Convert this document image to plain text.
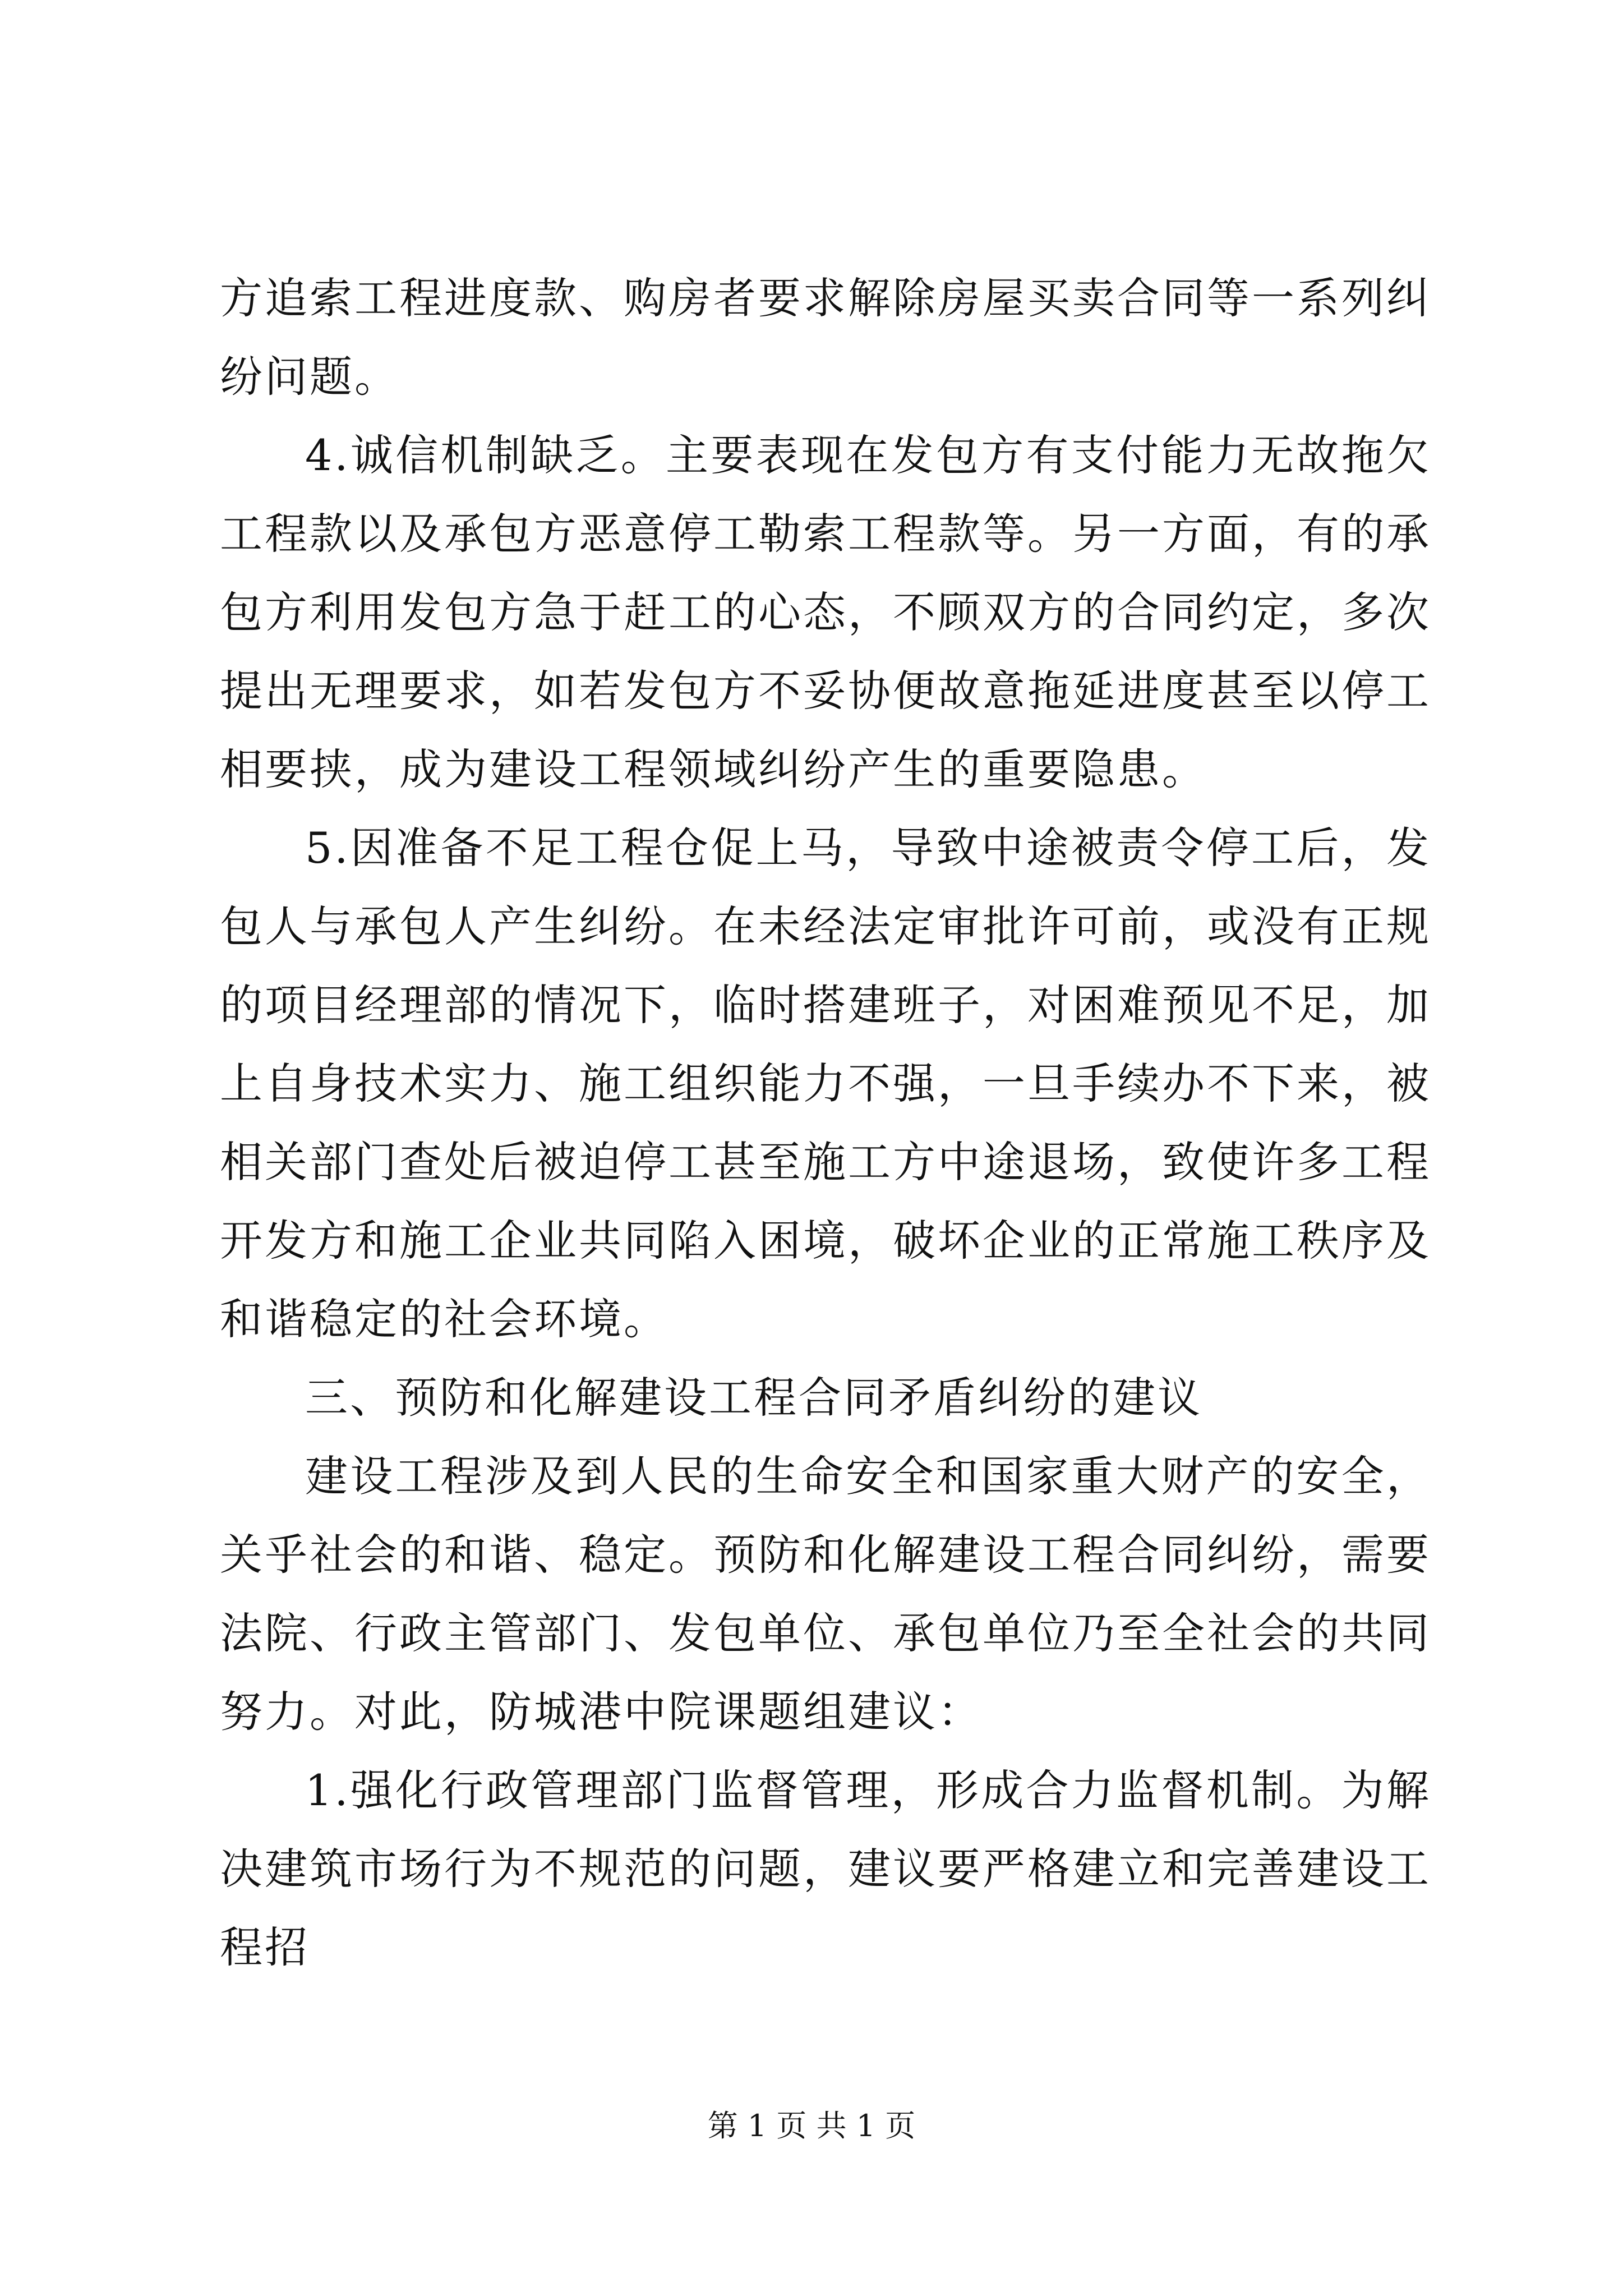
方追索工程进度款、购房者要求解除房屋买卖合同等一系列纠纷问题。

4.诚信机制缺乏。主要表现在发包方有支付能力无故拖欠工程款以及承包方恶意停工勒索工程款等。另一方面，有的承包方利用发包方急于赶工的心态，不顾双方的合同约定，多次提出无理要求，如若发包方不妥协便故意拖延进度甚至以停工相要挟，成为建设工程领域纠纷产生的重要隐患。

5.因准备不足工程仓促上马，导致中途被责令停工后，发包人与承包人产生纠纷。在未经法定审批许可前，或没有正规的项目经理部的情况下，临时搭建班子，对困难预见不足，加上自身技术实力、施工组织能力不强，一旦手续办不下来，被相关部门查处后被迫停工甚至施工方中途退场，致使许多工程开发方和施工企业共同陷入困境，破坏企业的正常施工秩序及和谐稳定的社会环境。

三、预防和化解建设工程合同矛盾纠纷的建议

建设工程涉及到人民的生命安全和国家重大财产的安全，关乎社会的和谐、稳定。预防和化解建设工程合同纠纷，需要法院、行政主管部门、发包单位、承包单位乃至全社会的共同努力。对此，防城港中院课题组建议：

1.强化行政管理部门监督管理，形成合力监督机制。为解决建筑市场行为不规范的问题，建议要严格建立和完善建设工程招

第 1 页 共 1 页
